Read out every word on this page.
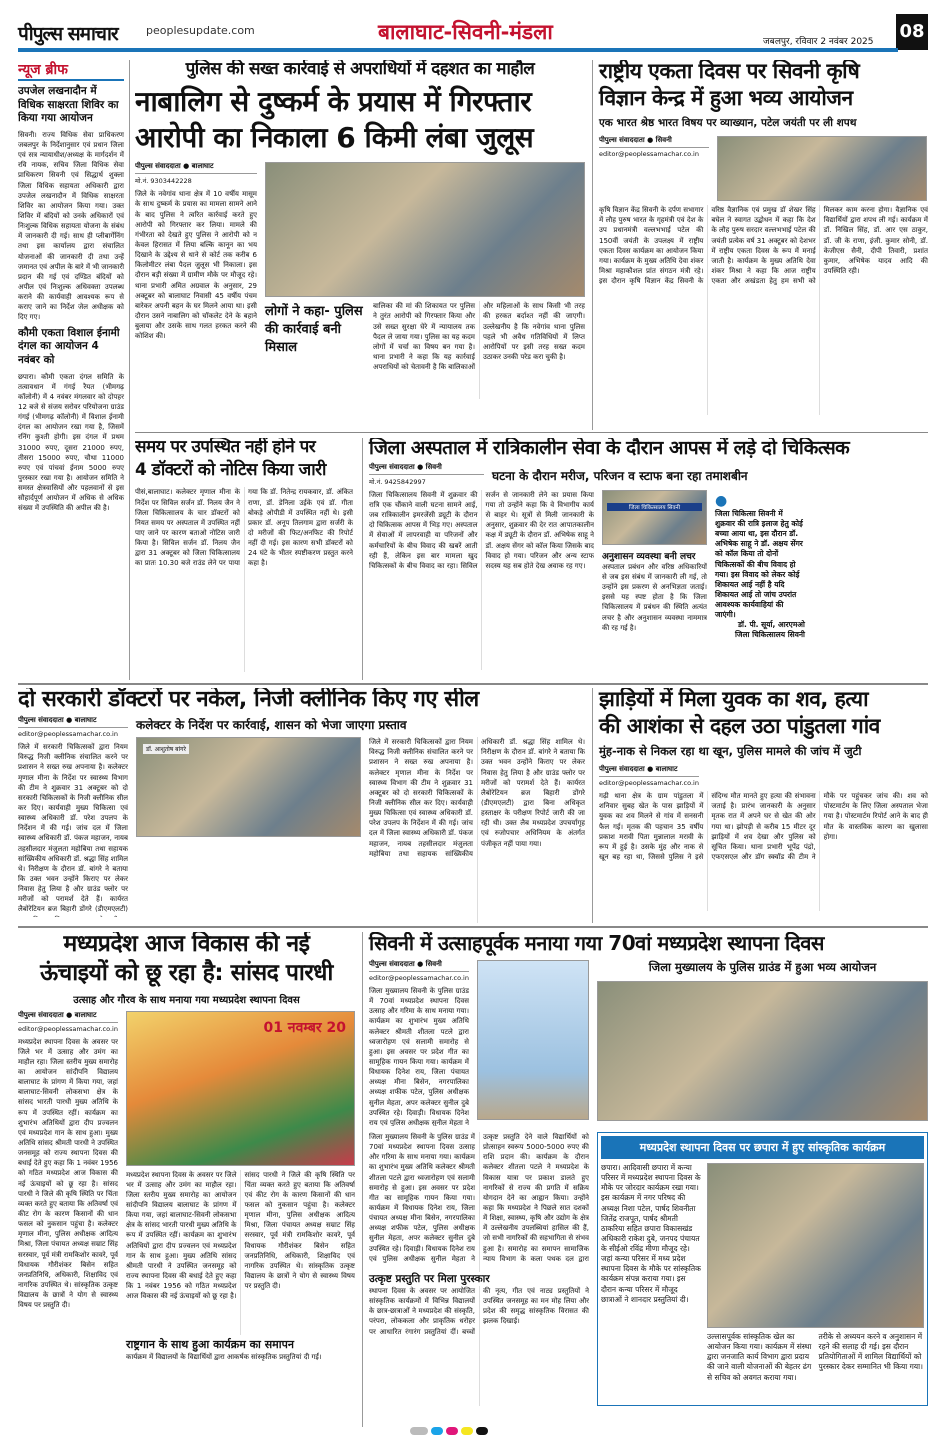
पीपुल्स समाचार	peoplesupdate.com	बालाघाट-सिवनी-मंडला	जबलपुर, रविवार 2 नवंबर 2025 08
न्यूज ब्रीफ
उपजेल लखनादौन में विधिक साक्षरता शिविर का किया गया आयोजन
सिवनी। राज्य विधिक सेवा प्राधिकरण जबलपुर के निर्देशानुसार एवं प्रधान जिला एवं सत्र न्यायाधीश/अध्यक्ष के मार्गदर्शन में रवि नायक, सचिव जिला विधिक सेवा प्राधिकरण सिवनी एवं सिद्धार्थ शुक्ला जिला विधिक सहायता अधिकारी द्वारा उपजेल लखनादौन में विधिक साक्षरता शिविर का आयोजन किया गया। उक्त शिविर में बंदियों को उनके अधिकारों एवं निःशुल्क विधिक सहायता योजना के संबंध में जानकारी दी गई। साथ ही प्लीबार्गेनिंग तथा इस कार्यालय द्वारा संचालित योजनाओं की जानकारी दी तथा उन्हें जमानत एवं अपील के बारे में भी जानकारी प्रदान की गई एवं दण्डित बंदियों को अपील एवं निःशुल्क अधिवक्ता उपलब्ध कराने की कार्यवाही आवश्यक रूप से कराए जाने का निर्देश जेल अधीक्षक को दिए गए।
कौमी एकता विशाल ईनामी दंगल का आयोजन 4 नवंबर को
छपारा। कौमी एकता दंगल समिति के तत्वावधान में गंगई रैयत (भीमगढ़ कॉलोनी) में 4 नवंबर मंगलवार को दोपहर 12 बजे से संजय सरोवर परियोजना ग्राउंड गंगई (भीमगढ़ कॉलोनी) में विशाल ईनामी दंगल का आयोजन रखा गया है, जिसमें रनिंग कुश्ती होगी। इस दंगल में प्रथम 31000 रुपए, दूसरा 21000 रुपए, तीसरा 15000 रुपए, चौथा 11000 रुपए एवं पांचवां ईनाम 5000 रुपए पुरस्कार रखा गया है। आयोजन समिति ने समस्त क्षेत्रवासियों और पहलवानों से इस सौहार्दपूर्ण आयोजन में अधिक से अधिक संख्या में उपस्थिति की अपील की है।
पुलिस की सख्त कार्रवाई से अपराधियों में दहशत का माहौल
नाबालिग से दुष्कर्म के प्रयास में गिरफ्तार
आरोपी का निकाला 6 किमी लंबा जुलूस
पीपुल्स संवाददाता ● बालाघाट
मो.नं. 9303442228
जिले के नवेगांव थाना क्षेत्र में 10 वर्षीय मासूम के साथ दुष्कर्म के प्रयास का मामला सामने आने के बाद पुलिस ने त्वरित कार्रवाई करते हुए आरोपी को गिरफ्तार कर लिया। मामले की गंभीरता को देखते हुए पुलिस ने आरोपी को न केवल हिरासत में लिया बल्कि कानून का भय दिखाने के उद्देश्य से थाने से कोर्ट तक करीब 6 किलोमीटर लंबा पैदल जुलूस भी निकाला। इस दौरान बड़ी संख्या में ग्रामीण मौके पर मौजूद रहे। थाना प्रभारी अमित अग्रवाल के अनुसार, 29 अक्टूबर को बालाघाट निवासी 45 वर्षीय पंचम बारेकर अपनी बहन के घर मिलने आया था। इसी दौरान उसने नाबालिग को चॉकलेट देने के बहाने बुलाया और उसके साथ गलत हरकत करने की कोशिश की।
लोगों ने कहा- पुलिस की कार्रवाई बनी मिसाल
बालिका की मां की शिकायत पर पुलिस ने तुरंत आरोपी को गिरफ्तार किया और उसे सख्त सुरक्षा घेरे में न्यायालय तक पैदल ले जाया गया। पुलिस का यह कदम लोगों में चर्चा का विषय बन गया है। थाना प्रभारी ने कहा कि यह कार्रवाई अपराधियों को चेतावनी है कि बालिकाओं और महिलाओं के साथ किसी भी तरह की हरकत बर्दाश्त नहीं की जाएगी। उल्लेखनीय है कि नवेगांव थाना पुलिस पहले भी अवैध गतिविधियों में लिप्त आरोपियों पर इसी तरह सख्त कदम उठाकर उनकी परेड करा चुकी है।
राष्ट्रीय एकता दिवस पर सिवनी कृषि
विज्ञान केन्द्र में हुआ भव्य आयोजन
एक भारत श्रेष्ठ भारत विषय पर व्याख्यान, पटेल जयंती पर ली शपथ
पीपुल्स संवाददाता ● सिवनी
editor@peoplessamachar.co.in
कृषि विज्ञान केंद्र सिवनी के दर्पण सभागार में लौह पुरुष भारत के गृहमंत्री एवं देश के उप प्रधानमंत्री वल्लभभाई पटेल की 150वीं जयंती के उपलक्ष्य में राष्ट्रीय एकता दिवस कार्यक्रम का आयोजन किया गया। कार्यक्रम के मुख्य अतिथि देवा शंकर मिश्रा महाकौशल प्रांत संगठन मंत्री रहे। इस दौरान कृषि विज्ञान केंद्र सिवनी के वरिष्ठ वैज्ञानिक एवं प्रमुख डॉ शेखर सिंह बघेल ने स्वागत उद्बोधन में कहा कि देश के लौह पुरुष सरदार वल्लभभाई पटेल की जयंती प्रत्येक वर्ष 31 अक्टूबर को देशभर में राष्ट्रीय एकता दिवस के रूप में मनाई जाती है। कार्यक्रम के मुख्य अतिथि देवा शंकर मिश्रा ने कहा कि आज राष्ट्रीय एकता और अखंडता हेतु हम सभी को मिलकर काम करना होगा। वैज्ञानिक एवं विद्यार्थियों द्वारा शपथ ली गई। कार्यक्रम में डॉ. निखिल सिंह, डॉ. आर एस ठाकुर, डॉ. जी के राणा, इंजी. कुमार सोनी, डॉ. केजीएस सैनी, दीपी तिवारी, प्रशांत कुमार, अभिषेक यादव आदि की उपस्थिति रही।
समय पर उपस्थित नहीं होने पर
4 डॉक्टरों को नोटिस किया जारी
पीसं,बालाघाट। कलेक्टर मृणाल मीना के निर्देश पर सिविल सर्जन डॉ. निलय जैन ने जिला चिकित्सालय के चार डॉक्टरों को नियत समय पर अस्पताल में उपस्थित नहीं पाए जाने पर कारण बताओ नोटिस जारी किया है। सिविल सर्जन डॉ. निलय जैन द्वारा 31 अक्टूबर को जिला चिकित्सालय का प्रातः 10.30 बजे राउंड लेने पर पाया गया कि डॉ. नितेन्द्र रायकवार, डॉ. अंकित राणा, डॉ. डेनिला उईके एवं डॉ. गीता बोकड़े ओपीडी में उपस्थित नहीं थे। इसी प्रकार डॉ. अनूप तिलगाम द्वारा सर्जरी के दो मरीजों की फिट/अनफिट की रिपोर्ट नहीं दी गई। इस कारण सभी डॉक्टरों को 24 घंटे के भीतर स्पष्टीकरण प्रस्तुत करने कहा है।
जिला अस्पताल में रात्रिकालीन सेवा के दौरान आपस में लड़े दो चिकित्सक
पीपुल्स संवाददाता ● सिवनी
मो.नं. 9425842997	घटना के दौरान मरीज, परिजन व स्टाफ बना रहा तमाशबीन
जिला चिकित्सालय सिवनी में शुक्रवार की रात्रि एक चौंकाने वाली घटना सामने आई, जब रात्रिकालीन इमरजेंसी ड्यूटी के दौरान दो चिकित्सक आपस में भिड़ गए। अस्पताल में सेवाओं में लापरवाही या परिजनों और कर्मचारियों के बीच विवाद की खबरें आती रही हैं, लेकिन इस बार मामला खुद चिकित्सकों के बीच विवाद का रहा। सिविल सर्जन से जानकारी लेने का प्रयास किया गया तो उन्होंने कहा कि वे विभागीय कार्य से बाहर थे। सूत्रों से मिली जानकारी के अनुसार, शुक्रवार की देर रात आपातकालीन कक्ष में ड्यूटी के दौरान डॉ. अभिषेक साहू ने डॉ. अक्षय सेंगर को कॉल किया जिसके बाद विवाद हो गया। परिजन और अन्य स्टाफ सदस्य यह सब होते देख अवाक रह गए।
जिला चिकित्सालय सिवनी
अनुशासन व्यवस्था बनी लचर
अस्पताल प्रबंधन और वरिष्ठ अधिकारियों से जब इस संबंध में जानकारी ली गई, तो उन्होंने इस प्रकरण से अनभिज्ञता जताई। इससे यह स्पष्ट होता है कि जिला चिकित्सालय में प्रबंधन की स्थिति अत्यंत लचर है और अनुशासन व्यवस्था नाममात्र की रह गई है।
●
जिला चिकित्सा सिवनी में शुक्रवार की रात्रि इलाज हेतु कोई बच्चा आया था, इस दौरान डॉ. अभिषेक साहू ने डॉ. अक्षय सेंगर को कॉल किया तो दोनों चिकित्सकों की बीच विवाद हो गया। इस विवाद को लेकर कोई शिकायत आई नहीं है यदि शिकायत आई तो जांच उपरांत आवश्यक कार्यवाहियां की जाएंगी।
डॉ. पी. सूर्या, आरएमओ
जिला चिकित्सालय सिवनी
दो सरकारी डॉक्टरों पर नकेल, निजी क्लीनिक किए गए सील
पीपुल्स संवाददाता ● बालाघाट
editor@peoplessamachar.co.in
जिले में सरकारी चिकित्सकों द्वारा नियम विरुद्ध निजी क्लीनिक संचालित करने पर प्रशासन ने सख्त रुख अपनाया है। कलेक्टर मृणाल मीना के निर्देश पर स्वास्थ्य विभाग की टीम ने शुक्रवार 31 अक्टूबर को दो सरकारी चिकित्सकों के निजी क्लीनिक सील कर दिए। कार्यवाही मुख्य चिकित्सा एवं स्वास्थ्य अधिकारी डॉ. परेश उपलप के निर्देशन में की गई। जांच दल में जिला स्वास्थ्य अधिकारी डॉ. पंकज महाजन, नायब तहसीलदार मंजुलता महोबिया तथा सहायक सांख्यिकीय अधिकारी डॉ. श्रद्धा सिंह शामिल थे। निरीक्षण के दौरान डॉ. बांगरे ने बताया कि उक्त भवन उन्होंने किराए पर लेकर निवास हेतु लिया है और ग्राउंड फ्लोर पर मरीजों को परामर्श देते हैं। कार्यरत लैबोरेटियन ब्रज बिहारी डोंगरे (डीएमएलटी)
कलेक्टर के निर्देश पर कार्रवाई, शासन को भेजा जाएगा प्रस्ताव
डॉ. आशुतोष बांगरे
जिले में सरकारी चिकित्सकों द्वारा नियम विरुद्ध निजी क्लीनिक संचालित करने पर प्रशासन ने सख्त रुख अपनाया है। कलेक्टर मृणाल मीना के निर्देश पर स्वास्थ्य विभाग की टीम ने शुक्रवार 31 अक्टूबर को दो सरकारी चिकित्सकों के निजी क्लीनिक सील कर दिए। कार्यवाही मुख्य चिकित्सा एवं स्वास्थ्य अधिकारी डॉ. परेश उपलप के निर्देशन में की गई। जांच दल में जिला स्वास्थ्य अधिकारी डॉ. पंकज महाजन, नायब तहसीलदार मंजुलता महोबिया तथा सहायक सांख्यिकीय अधिकारी डॉ. श्रद्धा सिंह शामिल थे। निरीक्षण के दौरान डॉ. बांगरे ने बताया कि उक्त भवन उन्होंने किराए पर लेकर निवास हेतु लिया है और ग्राउंड फ्लोर पर मरीजों को परामर्श देते हैं। कार्यरत लैबोरेटियन ब्रज बिहारी डोंगरे (डीएमएलटी) द्वारा बिना अधिकृत हस्ताक्षर के परीक्षण रिपोर्ट जारी की जा रही थी। उक्त लैब मध्यप्रदेश उपचर्यागृह एवं रुजोपचार अधिनियम के अंतर्गत पंजीकृत नहीं पाया गया।
झाड़ियों में मिला युवक का शव, हत्या
की आशंका से दहल उठा पांडुतला गांव
मुंह-नाक से निकल रहा था खून, पुलिस मामले की जांच में जुटी
पीपुल्स संवाददाता ● बालाघाट
editor@peoplessamachar.co.in
गढ़ी थाना क्षेत्र के ग्राम पांडुतला में शनिवार सुबह खेत के पास झाड़ियों में युवक का शव मिलने से गांव में सनसनी फैल गई। मृतक की पहचान 35 वर्षीय प्रकाश मरावी पिता मुन्नालाल मरावी के रूप में हुई है। उसके मुंह और नाक से खून बह रहा था, जिससे पुलिस ने इसे संदिग्ध मौत मानते हुए हत्या की संभावना जताई है। प्रारंभ जानकारी के अनुसार मृतक रात में अपने घर से खेत की ओर गया था। झोपड़ी से करीब 15 मीटर दूर झाड़ियों में शव देखा और पुलिस को सूचित किया। थाना प्रभारी भूपेंद्र पंद्रो, एफएसएल और डॉग स्क्वॉड की टीम ने मौके पर पहुंचकर जांच की। शव को पोस्टमार्टम के लिए जिला अस्पताल भेजा गया है। पोस्टमार्टम रिपोर्ट आने के बाद ही मौत के वास्तविक कारण का खुलासा होगा।
मध्यप्रदेश आज विकास की नई
ऊंचाइयों को छू रहा है: सांसद पारधी
उत्साह और गौरव के साथ मनाया गया मध्यप्रदेश स्थापना दिवस
पीपुल्स संवाददाता ● बालाघाट
editor@peoplessamachar.co.in
मध्यप्रदेश स्थापना दिवस के अवसर पर जिले भर में उत्साह और उमंग का माहौल रहा। जिला स्तरीय मुख्य समारोह का आयोजन सांदीपनि विद्यालय बालाघाट के प्रांगण में किया गया, जहां बालाघाट-सिवनी लोकसभा क्षेत्र के सांसद भारती पारधी मुख्य अतिथि के रूप में उपस्थित रहीं। कार्यक्रम का शुभारंभ अतिथियों द्वारा दीप प्रज्वलन एवं मध्यप्रदेश गान के साथ हुआ। मुख्य अतिथि सांसद श्रीमती पारधी ने उपस्थित जनसमूह को राज्य स्थापना दिवस की बधाई देते हुए कहा कि 1 नवंबर 1956 को गठित मध्यप्रदेश आज विकास की नई ऊंचाइयों को छू रहा है। सांसद पारधी ने जिले की कृषि स्थिति पर चिंता व्यक्त करते हुए बताया कि अतिवर्षा एवं कीट रोग के कारण किसानों की धान फसल को नुकसान पहुंचा है। कलेक्टर मृणाल मीना, पुलिस अधीक्षक आदित्य मिश्रा, जिला पंचायत अध्यक्ष सम्राट सिंह सरस्वार, पूर्व मंत्री रामकिशोर कावरे, पूर्व विधायक गौरीशंकर बिसेन सहित जनप्रतिनिधि, अधिकारी, शिक्षाविद एवं नागरिक उपस्थित थे। सांस्कृतिक उत्कृष्ट विद्यालय के छात्रों ने योग से स्वास्थ्य विषय पर प्रस्तुति दी।
01 नवम्बर 20
मध्यप्रदेश स्थापना दिवस के अवसर पर जिले भर में उत्साह और उमंग का माहौल रहा। जिला स्तरीय मुख्य समारोह का आयोजन सांदीपनि विद्यालय बालाघाट के प्रांगण में किया गया, जहां बालाघाट-सिवनी लोकसभा क्षेत्र के सांसद भारती पारधी मुख्य अतिथि के रूप में उपस्थित रहीं। कार्यक्रम का शुभारंभ अतिथियों द्वारा दीप प्रज्वलन एवं मध्यप्रदेश गान के साथ हुआ। मुख्य अतिथि सांसद श्रीमती पारधी ने उपस्थित जनसमूह को राज्य स्थापना दिवस की बधाई देते हुए कहा कि 1 नवंबर 1956 को गठित मध्यप्रदेश आज विकास की नई ऊंचाइयों को छू रहा है। सांसद पारधी ने जिले की कृषि स्थिति पर चिंता व्यक्त करते हुए बताया कि अतिवर्षा एवं कीट रोग के कारण किसानों की धान फसल को नुकसान पहुंचा है। कलेक्टर मृणाल मीना, पुलिस अधीक्षक आदित्य मिश्रा, जिला पंचायत अध्यक्ष सम्राट सिंह सरस्वार, पूर्व मंत्री रामकिशोर कावरे, पूर्व विधायक गौरीशंकर बिसेन सहित जनप्रतिनिधि, अधिकारी, शिक्षाविद एवं नागरिक उपस्थित थे। सांस्कृतिक उत्कृष्ट विद्यालय के छात्रों ने योग से स्वास्थ्य विषय पर प्रस्तुति दी।
राष्ट्रगान के साथ हुआ कार्यक्रम का समापन
कार्यक्रम में विद्यालयों के विद्यार्थियों द्वारा आकर्षक सांस्कृतिक प्रस्तुतियां दी गईं।
सिवनी में उत्साहपूर्वक मनाया गया 70वां मध्यप्रदेश स्थापना दिवस
पीपुल्स संवाददाता ● सिवनी
editor@peoplessamachar.co.in
जिला मुख्यालय सिवनी के पुलिस ग्राउंड में 70वां मध्यप्रदेश स्थापना दिवस उत्साह और गरिमा के साथ मनाया गया। कार्यक्रम का शुभारंभ मुख्य अतिथि कलेक्टर श्रीमती शीतला पटले द्वारा ध्वजारोहण एवं सलामी समारोह से हुआ। इस अवसर पर प्रदेश गीत का सामूहिक गायन किया गया। कार्यक्रम में विधायक दिनेश राय, जिला पंचायत अध्यक्ष मीना बिसेन, नगरपालिका अध्यक्ष शफीक पटेल, पुलिस अधीक्षक सुनील मेहता, अपर कलेक्टर सुनील दुबे उपस्थित रहे। दिवाड़ी। विधायक दिनेश राय एवं पुलिस अधीक्षक सुनील मेहता ने
जिला मुख्यालय के पुलिस ग्राउंड में हुआ भव्य आयोजन
जिला मुख्यालय सिवनी के पुलिस ग्राउंड में 70वां मध्यप्रदेश स्थापना दिवस उत्साह और गरिमा के साथ मनाया गया। कार्यक्रम का शुभारंभ मुख्य अतिथि कलेक्टर श्रीमती शीतला पटले द्वारा ध्वजारोहण एवं सलामी समारोह से हुआ। इस अवसर पर प्रदेश गीत का सामूहिक गायन किया गया। कार्यक्रम में विधायक दिनेश राय, जिला पंचायत अध्यक्ष मीना बिसेन, नगरपालिका अध्यक्ष शफीक पटेल, पुलिस अधीक्षक सुनील मेहता, अपर कलेक्टर सुनील दुबे उपस्थित रहे। दिवाड़ी। विधायक दिनेश राय एवं पुलिस अधीक्षक सुनील मेहता ने उत्कृष्ट प्रस्तुति देने वाले विद्यार्थियों को प्रोत्साहन स्वरूप 5000-5000 रुपए की राशि प्रदान की। कार्यक्रम के दौरान कलेक्टर शीतला पटले ने मध्यप्रदेश के विकास यात्रा पर प्रकाश डालते हुए नागरिकों से राज्य की प्रगति में सक्रिय योगदान देने का आह्वान किया। उन्होंने कहा कि मध्यप्रदेश ने पिछले सात दशकों में शिक्षा, स्वास्थ्य, कृषि और उद्योग के क्षेत्र में उल्लेखनीय उपलब्धियां हासिल की हैं, जो सभी नागरिकों की सहभागिता से संभव हुआ है। समारोह का समापन सामाजिक न्याय विभाग के कला पथक दल द्वारा
उत्कृष्ट प्रस्तुति पर मिला पुरस्कार
स्थापना दिवस के अवसर पर आयोजित सांस्कृतिक कार्यक्रमों में विभिन्न विद्यालयों के छात्र-छात्राओं ने मध्यप्रदेश की संस्कृति, परंपरा, लोककला और प्राकृतिक धरोहर पर आधारित रंगारंग प्रस्तुतियां दीं। बच्चों की नृत्य, गीत एवं नाट्य प्रस्तुतियों ने उपस्थित जनसमूह का मन मोह लिया और प्रदेश की समृद्ध सांस्कृतिक विरासत की झलक दिखाई।
मध्यप्रदेश स्थापना दिवस पर छपारा में हुए सांस्कृतिक कार्यक्रम
छपारा। आदिवासी छपारा में कन्या परिसर में मध्यप्रदेश स्थापना दिवस के मौके पर जोरदार कार्यक्रम रखा गया। इस कार्यक्रम में नगर परिषद की अध्यक्ष निशा पटेल, पार्षद शिवनीता जितेंद्र राजपूत, पार्षद श्रीमती ठाकरिया सहित छपारा विकासखंड अधिकारी राकेश दुबे, जनपद पंचायत के सीईओ रविंद्र मीणा मौजूद रहे। जहां कन्या परिसर में मध्य प्रदेश स्थापना दिवस के मौके पर सांस्कृतिक कार्यक्रम संपन्न कराया गया। इस दौरान कन्या परिसर में मौजूद छात्राओं ने शानदार प्रस्तुतियां दी।
उल्लासपूर्वक सांस्कृतिक खेल का आयोजन किया गया। कार्यक्रम में संस्था द्वारा जनजाति कार्य विभाग द्वारा प्रदाय की जाने वाली योजनाओं की बेहतर ढंग से सचिव को अवगत कराया गया।
तरीके से अध्ययन करने व अनुशासन में रहने की सलाह दी गई। इस दौरान प्रतियोगिताओं में शामिल विद्यार्थियों को पुरस्कार देकर सम्मानित भी किया गया।
